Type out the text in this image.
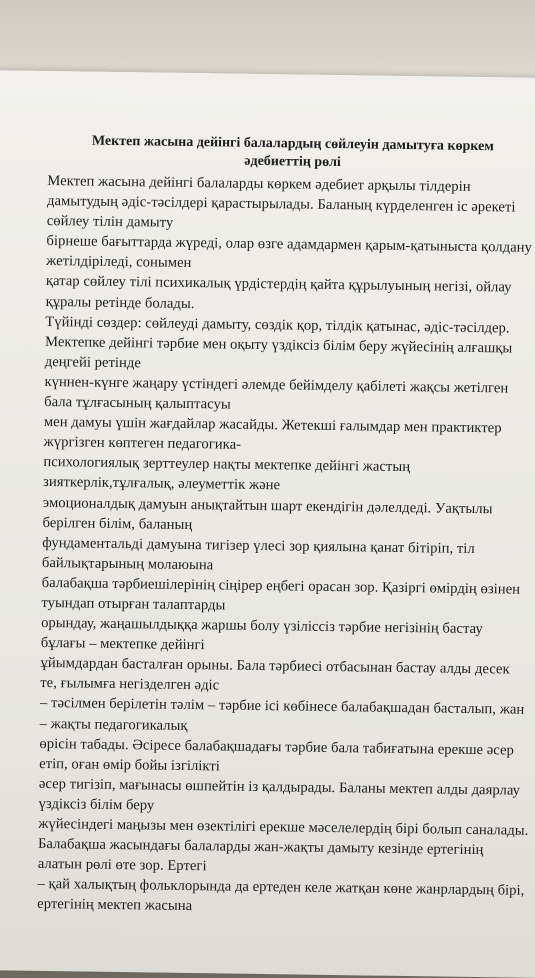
Мектеп жасына дейінгі балалардың сөйлеуін дамытуға көркем
әдебиеттің рөлі
Мектеп жасына дейінгі балаларды көркем әдебиет арқылы тілдерін
дамытудың әдіс-тәсілдері қарастырылады. Баланың күрделенген іс әрекеті
сөйлеу тілін дамыту
бірнеше бағыттарда жүреді, олар өзге адамдармен қарым-қатыныста қолдану
жетілдіріледі, сонымен
қатар сөйлеу тілі психикалық үрдістердің қайта құрылуының негізі, ойлау
құралы ретінде болады.
Түйінді сөздер: сөйлеуді дамыту, сөздік қор, тілдік қатынас, әдіс-тәсілдер.
Мектепке дейінгі тәрбие мен оқыту үздіксіз білім беру жүйесінің алғашқы
деңгейі ретінде
күннен-күнге жаңару үстіндегі әлемде бейімделу қабілеті жақсы жетілген
бала тұлғасының қалыптасуы
мен дамуы үшін жағдайлар жасайды. Жетекші ғалымдар мен практиктер
жүргізген көптеген педагогика-
психологиялық зерттеулер нақты мектепке дейінгі жастың
зияткерлік,тұлғалық, әлеуметтік және
эмоционалдық дамуын анықтайтын шарт екендігін дәлелдеді. Уақтылы
берілген білім, баланың
фундаментальді дамуына тигізер үлесі зор қиялына қанат бітіріп, тіл
байлықтарының молаюына
балабақша тәрбиешілерінің сіңірер еңбегі орасан зор. Қазіргі өмірдің өзінен
туындап отырған талаптарды
орындау, жаңашылдыққа жаршы болу үзіліссіз тәрбие негізінің бастау
бұлағы – мектепке дейінгі
ұйымдардан басталған орыны. Бала тәрбиесі отбасынан бастау алды десек
те, ғылымға негізделген әдіс
– тәсілмен берілетін тәлім – тәрбие ісі көбінесе балабақшадан басталып, жан
– жақты педагогикалық
өрісін табады. Әсіресе балабақшадағы тәрбие бала табиғатына ерекше әсер
етіп, оған өмір бойы ізгілікті
әсер тигізіп, мағынасы өшпейтін із қалдырады. Баланы мектеп алды даярлау
үздіксіз білім беру
жүйесіндегі маңызы мен өзектілігі ерекше мәселелердің бірі болып саналады.
Балабақша жасындағы балаларды жан-жақты дамыту кезінде ертегінің
алатын рөлі өте зор. Ертегі
– қай халықтың фольклорында да ертеден келе жатқан көне жанрлардың бірі,
ертегінің мектеп жасына
